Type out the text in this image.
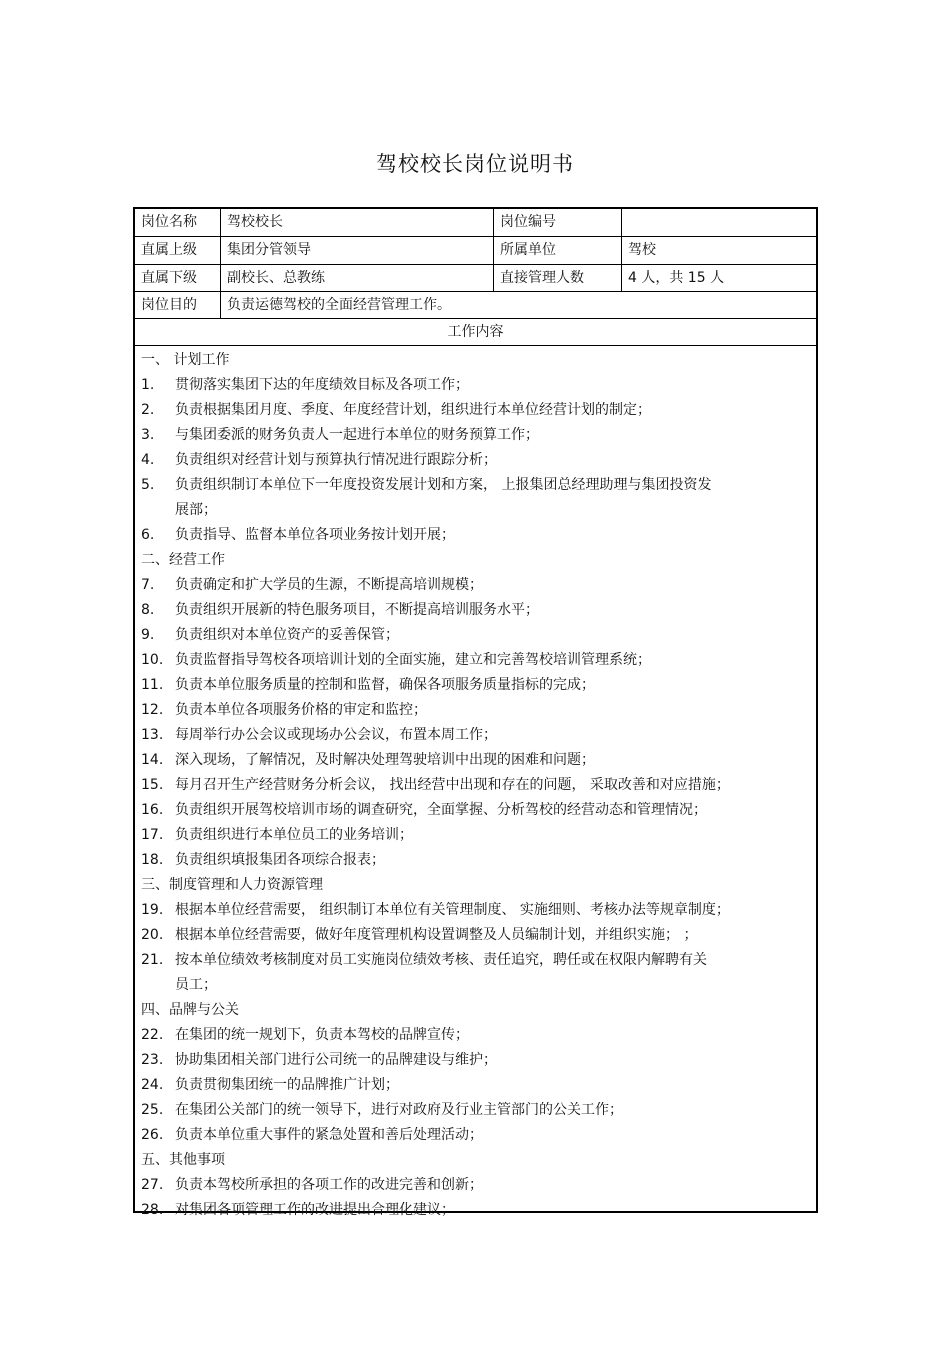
驾校校长岗位说明书
岗位名称	驾校校长	岗位编号
直属上级	集团分管领导	所属单位	驾校
直属下级	副校长、总教练	直接管理人数	4 人，共 15 人
岗位目的	负责运德驾校的全面经营管理工作。
工作内容
一、 计划工作
1.	贯彻落实集团下达的年度绩效目标及各项工作；
2.	负责根据集团月度、季度、年度经营计划，组织进行本单位经营计划的制定；
3.	与集团委派的财务负责人一起进行本单位的财务预算工作；
4.	负责组织对经营计划与预算执行情况进行跟踪分析；
5.	负责组织制订本单位下一年度投资发展计划和方案， 上报集团总经理助理与集团投资发
展部；
6.	负责指导、监督本单位各项业务按计划开展；
二、经营工作
7.	负责确定和扩大学员的生源，不断提高培训规模；
8.	负责组织开展新的特色服务项目，不断提高培训服务水平；
9.	负责组织对本单位资产的妥善保管；
10. 负责监督指导驾校各项培训计划的全面实施，建立和完善驾校培训管理系统；
11. 负责本单位服务质量的控制和监督，确保各项服务质量指标的完成；
12. 负责本单位各项服务价格的审定和监控；
13. 每周举行办公会议或现场办公会议，布置本周工作；
14. 深入现场，了解情况，及时解决处理驾驶培训中出现的困难和问题；
15. 每月召开生产经营财务分析会议， 找出经营中出现和存在的问题， 采取改善和对应措施；
16. 负责组织开展驾校培训市场的调查研究，全面掌握、分析驾校的经营动态和管理情况；
17. 负责组织进行本单位员工的业务培训；
18. 负责组织填报集团各项综合报表；
三、制度管理和人力资源管理
19. 根据本单位经营需要， 组织制订本单位有关管理制度、 实施细则、考核办法等规章制度；
20. 根据本单位经营需要，做好年度管理机构设置调整及人员编制计划，并组织实施； ；
21. 按本单位绩效考核制度对员工实施岗位绩效考核、责任追究，聘任或在权限内解聘有关
员工；
四、品牌与公关
22. 在集团的统一规划下，负责本驾校的品牌宣传；
23. 协助集团相关部门进行公司统一的品牌建设与维护；
24. 负责贯彻集团统一的品牌推广计划；
25. 在集团公关部门的统一领导下，进行对政府及行业主管部门的公关工作；
26. 负责本单位重大事件的紧急处置和善后处理活动；
五、其他事项
27. 负责本驾校所承担的各项工作的改进完善和创新；
28. 对集团各项管理工作的改进提出合理化建议；
